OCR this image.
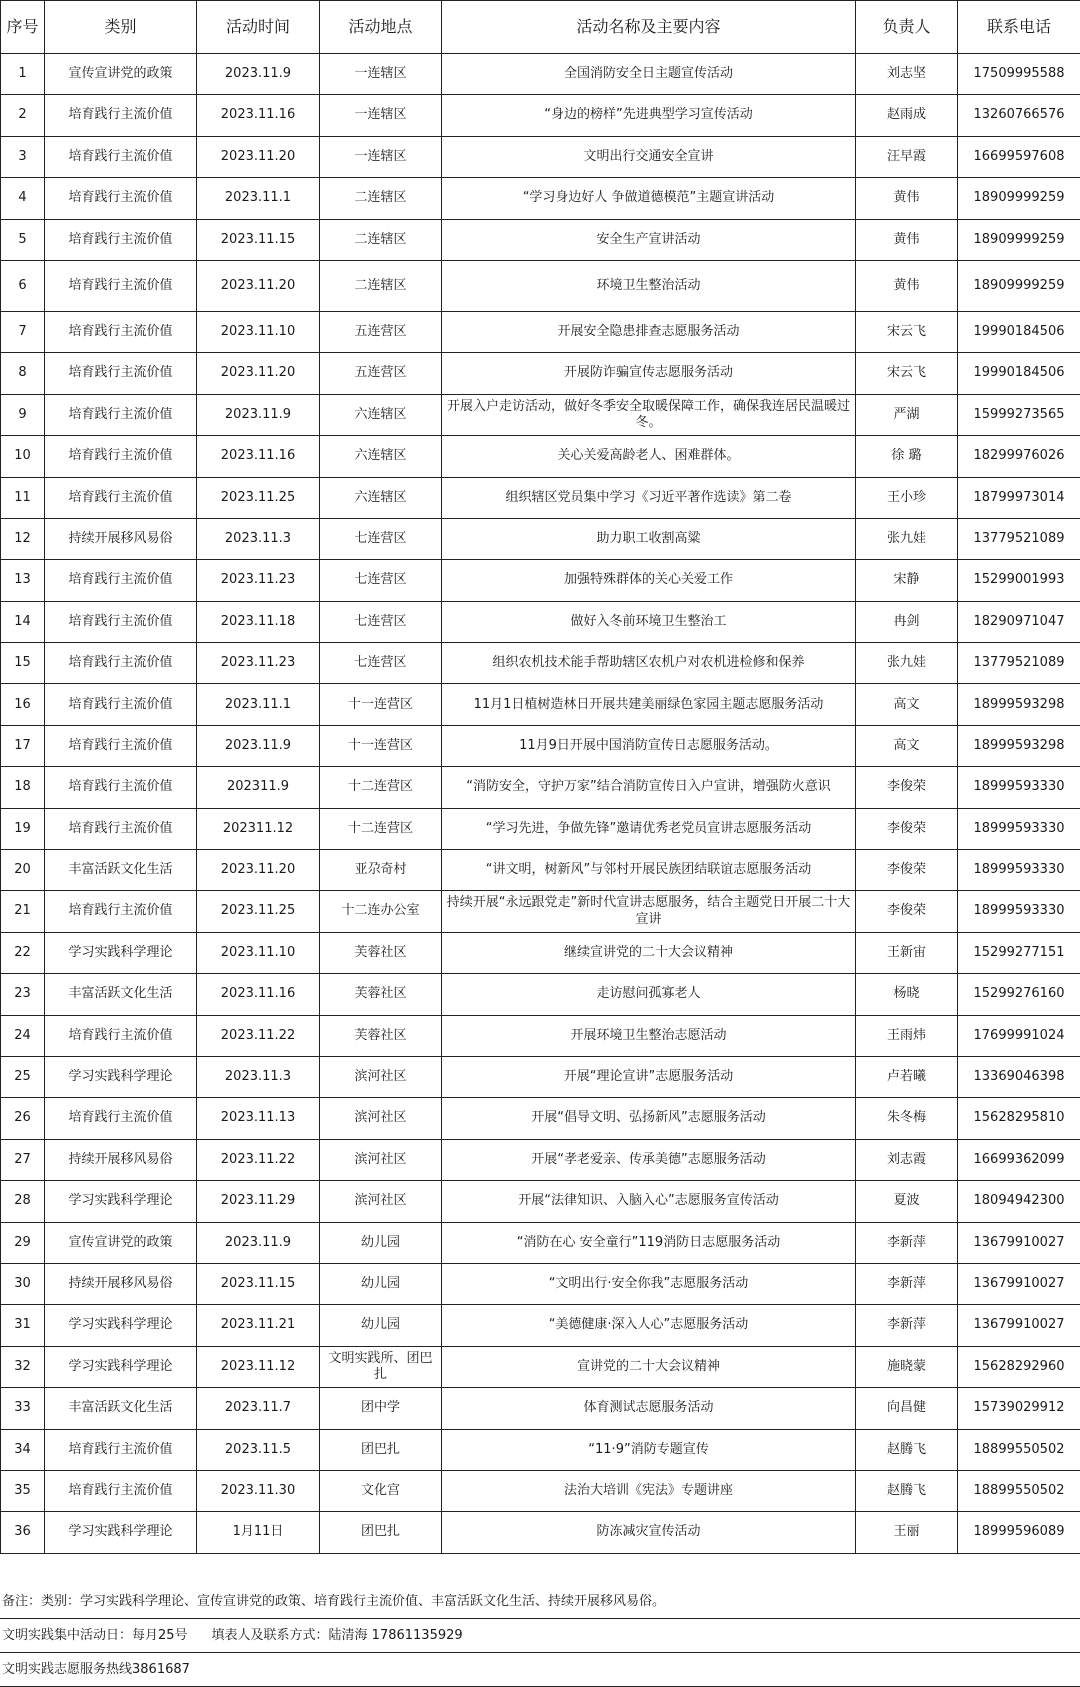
序号	类别	活动时间	活动地点	活动名称及主要内容	负责人	联系电话
1	宣传宣讲党的政策	2023.11.9	一连辖区	全国消防安全日主题宣传活动	刘志坚	17509995588
2	培育践行主流价值	2023.11.16	一连辖区	“身边的榜样”先进典型学习宣传活动	赵雨成	13260766576
3	培育践行主流价值	2023.11.20	一连辖区	文明出行交通安全宣讲	汪早霞	16699597608
4	培育践行主流价值	2023.11.1	二连辖区	“学习身边好人 争做道德模范”主题宣讲活动	黄伟	18909999259
5	培育践行主流价值	2023.11.15	二连辖区	安全生产宣讲活动	黄伟	18909999259
6	培育践行主流价值	2023.11.20	二连辖区	环境卫生整治活动	黄伟	18909999259
7	培育践行主流价值	2023.11.10	五连营区	开展安全隐患排查志愿服务活动	宋云飞	19990184506
8	培育践行主流价值	2023.11.20	五连营区	开展防诈骗宣传志愿服务活动	宋云飞	19990184506
9	培育践行主流价值	2023.11.9	六连辖区	开展入户走访活动，做好冬季安全取暖保障工作，确保我连居民温暖过冬。	严湖	15999273565
10	培育践行主流价值	2023.11.16	六连辖区	关心关爱高龄老人、困难群体。	徐 璐	18299976026
11	培育践行主流价值	2023.11.25	六连辖区	组织辖区党员集中学习《习近平著作选读》第二卷	王小珍	18799973014
12	持续开展移风易俗	2023.11.3	七连营区	助力职工收割高粱	张九娃	13779521089
13	培育践行主流价值	2023.11.23	七连营区	加强特殊群体的关心关爱工作	宋静	15299001993
14	培育践行主流价值	2023.11.18	七连营区	做好入冬前环境卫生整治工	冉剑	18290971047
15	培育践行主流价值	2023.11.23	七连营区	组织农机技术能手帮助辖区农机户对农机进检修和保养	张九娃	13779521089
16	培育践行主流价值	2023.11.1	十一连营区	11月1日植树造林日开展共建美丽绿色家园主题志愿服务活动	高文	18999593298
17	培育践行主流价值	2023.11.9	十一连营区	11月9日开展中国消防宣传日志愿服务活动。	高文	18999593298
18	培育践行主流价值	202311.9	十二连营区	“消防安全，守护万家”结合消防宣传日入户宣讲，增强防火意识	李俊荣	18999593330
19	培育践行主流价值	202311.12	十二连营区	“学习先进，争做先锋”邀请优秀老党员宣讲志愿服务活动	李俊荣	18999593330
20	丰富活跃文化生活	2023.11.20	亚尕奇村	“讲文明，树新风”与邻村开展民族团结联谊志愿服务活动	李俊荣	18999593330
21	培育践行主流价值	2023.11.25	十二连办公室	持续开展“永远跟党走”新时代宣讲志愿服务，结合主题党日开展二十大宣讲	李俊荣	18999593330
22	学习实践科学理论	2023.11.10	芙蓉社区	继续宣讲党的二十大会议精神	王新宙	15299277151
23	丰富活跃文化生活	2023.11.16	芙蓉社区	走访慰问孤寡老人	杨晓	15299276160
24	培育践行主流价值	2023.11.22	芙蓉社区	开展环境卫生整治志愿活动	王雨炜	17699991024
25	学习实践科学理论	2023.11.3	滨河社区	开展“理论宣讲”志愿服务活动	卢若曦	13369046398
26	培育践行主流价值	2023.11.13	滨河社区	开展“倡导文明、弘扬新风”志愿服务活动	朱冬梅	15628295810
27	持续开展移风易俗	2023.11.22	滨河社区	开展“孝老爱亲、传承美德”志愿服务活动	刘志霞	16699362099
28	学习实践科学理论	2023.11.29	滨河社区	开展“法律知识、入脑入心”志愿服务宣传活动	夏波	18094942300
29	宣传宣讲党的政策	2023.11.9	幼儿园	“消防在心 安全童行”119消防日志愿服务活动	李新萍	13679910027
30	持续开展移风易俗	2023.11.15	幼儿园	“文明出行·安全你我”志愿服务活动	李新萍	13679910027
31	学习实践科学理论	2023.11.21	幼儿园	“美德健康·深入人心”志愿服务活动	李新萍	13679910027
32	学习实践科学理论	2023.11.12	文明实践所、团巴扎	宣讲党的二十大会议精神	施晓蒙	15628292960
33	丰富活跃文化生活	2023.11.7	团中学	体育测试志愿服务活动	向昌健	15739029912
34	培育践行主流价值	2023.11.5	团巴扎	“11·9”消防专题宣传	赵腾飞	18899550502
35	培育践行主流价值	2023.11.30	文化宫	法治大培训《宪法》专题讲座	赵腾飞	18899550502
36	学习实践科学理论	1月11日	团巴扎	防冻减灾宣传活动	王丽	18999596089
备注：类别：学习实践科学理论、宣传宣讲党的政策、培育践行主流价值、丰富活跃文化生活、持续开展移风易俗。
文明实践集中活动日：每月25号 填表人及联系方式：陆清海 17861135929
文明实践志愿服务热线3861687
